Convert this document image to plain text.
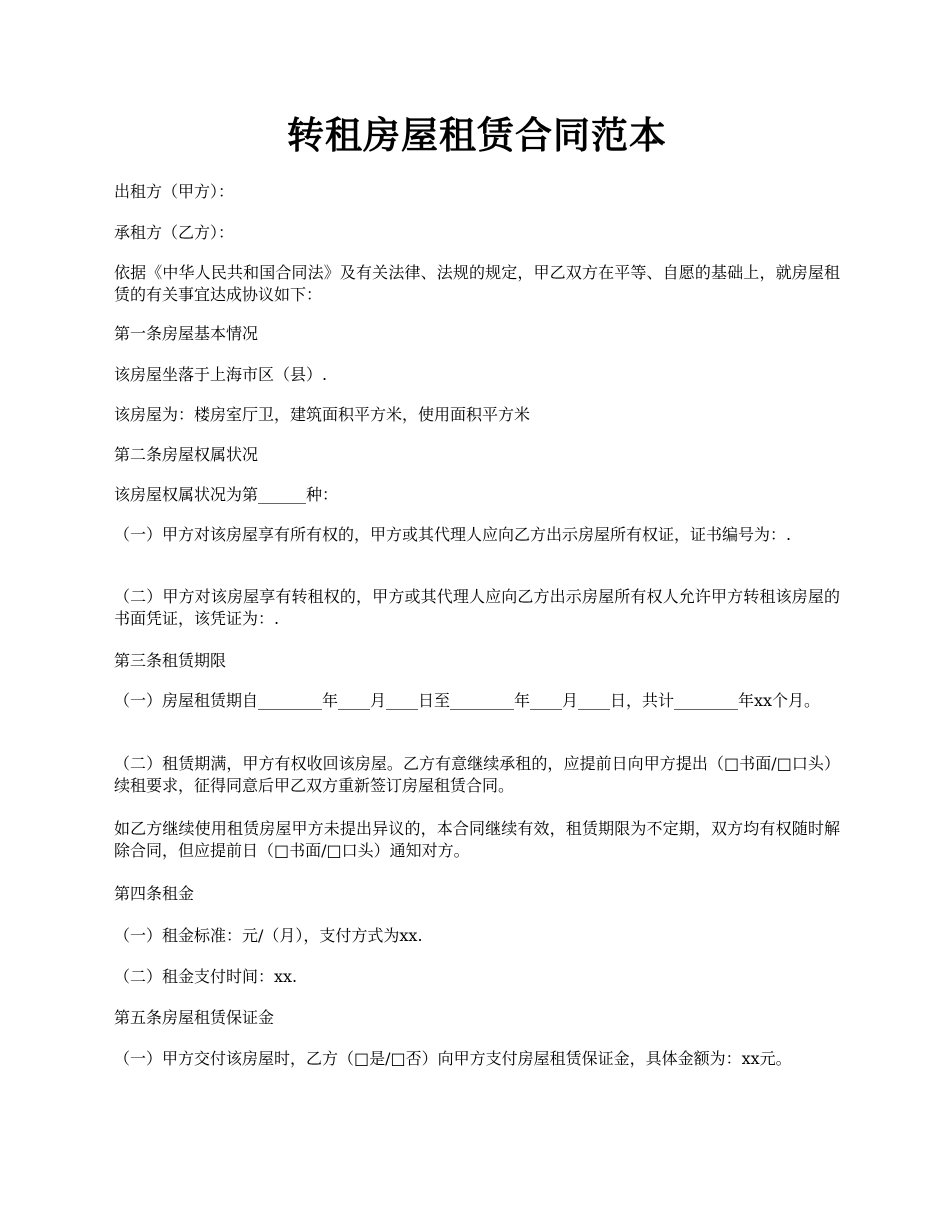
转租房屋租赁合同范本

出租方（甲方）：

承租方（乙方）：

依据《中华人民共和国合同法》及有关法律、法规的规定，甲乙双方在平等、自愿的基础上，就房屋租赁的有关事宜达成协议如下：

第一条房屋基本情况

该房屋坐落于上海市区（县）.

该房屋为：楼房室厅卫，建筑面积平方米，使用面积平方米

第二条房屋权属状况

该房屋权属状况为第______种：

（一）甲方对该房屋享有所有权的，甲方或其代理人应向乙方出示房屋所有权证，证书编号为：.

（二）甲方对该房屋享有转租权的，甲方或其代理人应向乙方出示房屋所有权人允许甲方转租该房屋的书面凭证，该凭证为：.

第三条租赁期限

（一）房屋租赁期自________年____月____日至________年____月____日，共计________年xx个月。

（二）租赁期满，甲方有权收回该房屋。乙方有意继续承租的，应提前日向甲方提出（□书面/□口头）续租要求，征得同意后甲乙双方重新签订房屋租赁合同。

如乙方继续使用租赁房屋甲方未提出异议的，本合同继续有效，租赁期限为不定期，双方均有权随时解除合同，但应提前日（□书面/□口头）通知对方。

第四条租金

（一）租金标准：元/（月），支付方式为xx.

（二）租金支付时间：xx.

第五条房屋租赁保证金

（一）甲方交付该房屋时，乙方（□是/□否）向甲方支付房屋租赁保证金，具体金额为：xx元。
